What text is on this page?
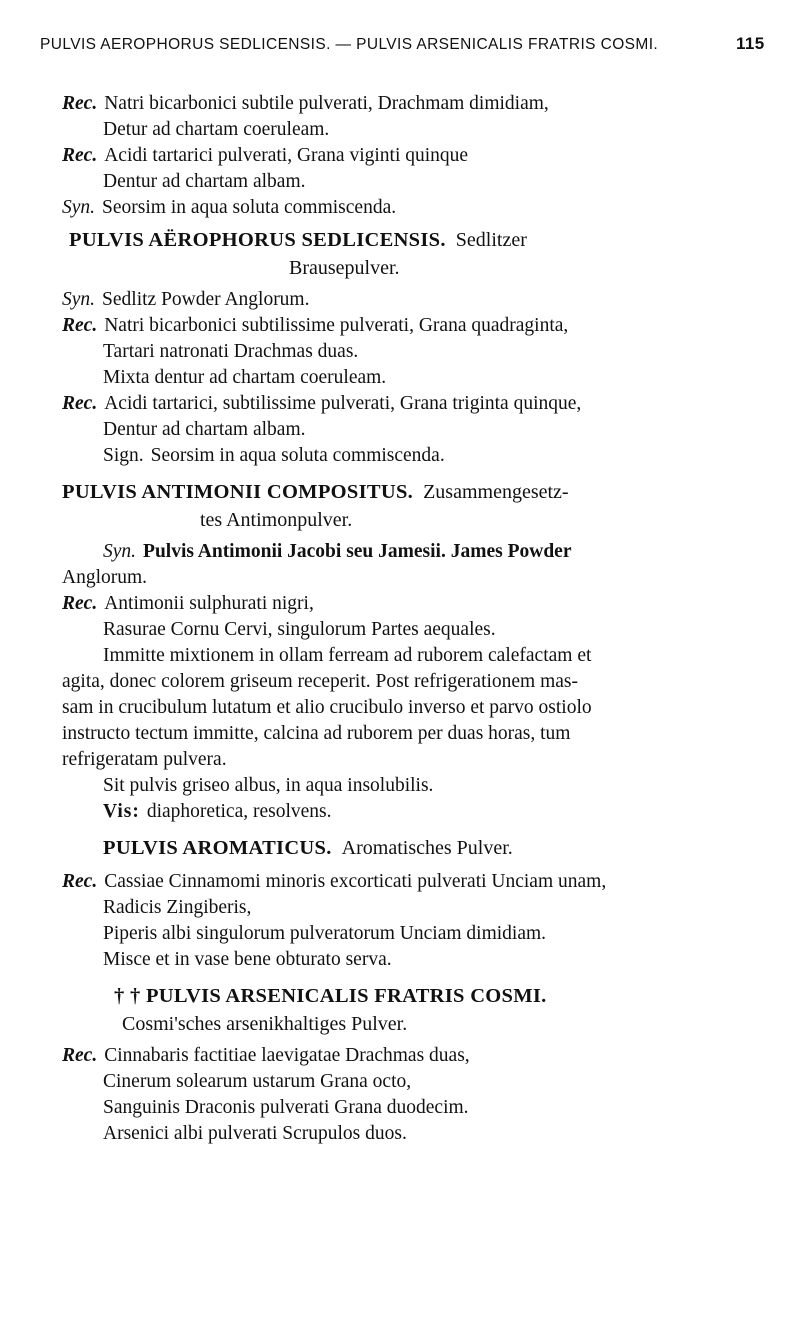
PULVIS AEROPHORUS SEDLICENSIS. — PULVIS ARSENICALIS FRATRIS COSMI.	115
Rec. Natri bicarbonici subtile pulverati, Drachmam dimidiam,
Detur ad chartam coeruleam.
Rec. Acidi tartarici pulverati, Grana viginti quinque
Dentur ad chartam albam.
Syn. Seorsim in aqua soluta commiscenda.
PULVIS AËROPHORUS SEDLICENSIS. Sedlitzer
Brausepulver.
Syn. Sedlitz Powder Anglorum.
Rec. Natri bicarbonici subtilissime pulverati, Grana quadraginta,
Tartari natronati Drachmas duas.
Mixta dentur ad chartam coeruleam.
Rec. Acidi tartarici, subtilissime pulverati, Grana triginta quinque,
Dentur ad chartam albam.
Sign. Seorsim in aqua soluta commiscenda.
PULVIS ANTIMONII COMPOSITUS. Zusammengesetz-
tes Antimonpulver.
Syn. Pulvis Antimonii Jacobi seu Jamesii. James Powder
Anglorum.
Rec. Antimonii sulphurati nigri,
Rasurae Cornu Cervi, singulorum Partes aequales.
Immitte mixtionem in ollam ferream ad ruborem calefactam et
agita, donec colorem griseum receperit. Post refrigerationem mas-
sam in crucibulum lutatum et alio crucibulo inverso et parvo ostiolo
instructo tectum immitte, calcina ad ruborem per duas horas, tum
refrigeratam pulvera.
Sit pulvis griseo albus, in aqua insolubilis.
Vis: diaphoretica, resolvens.
PULVIS AROMATICUS. Aromatisches Pulver.
Rec. Cassiae Cinnamomi minoris excorticati pulverati Unciam unam,
Radicis Zingiberis,
Piperis albi singulorum pulveratorum Unciam dimidiam.
Misce et in vase bene obturato serva.
† † PULVIS ARSENICALIS FRATRIS COSMI.
Cosmi'sches arsenikhaltiges Pulver.
Rec. Cinnabaris factitiae laevigatae Drachmas duas,
Cinerum solearum ustarum Grana octo,
Sanguinis Draconis pulverati Grana duodecim.
Arsenici albi pulverati Scrupulos duos.
